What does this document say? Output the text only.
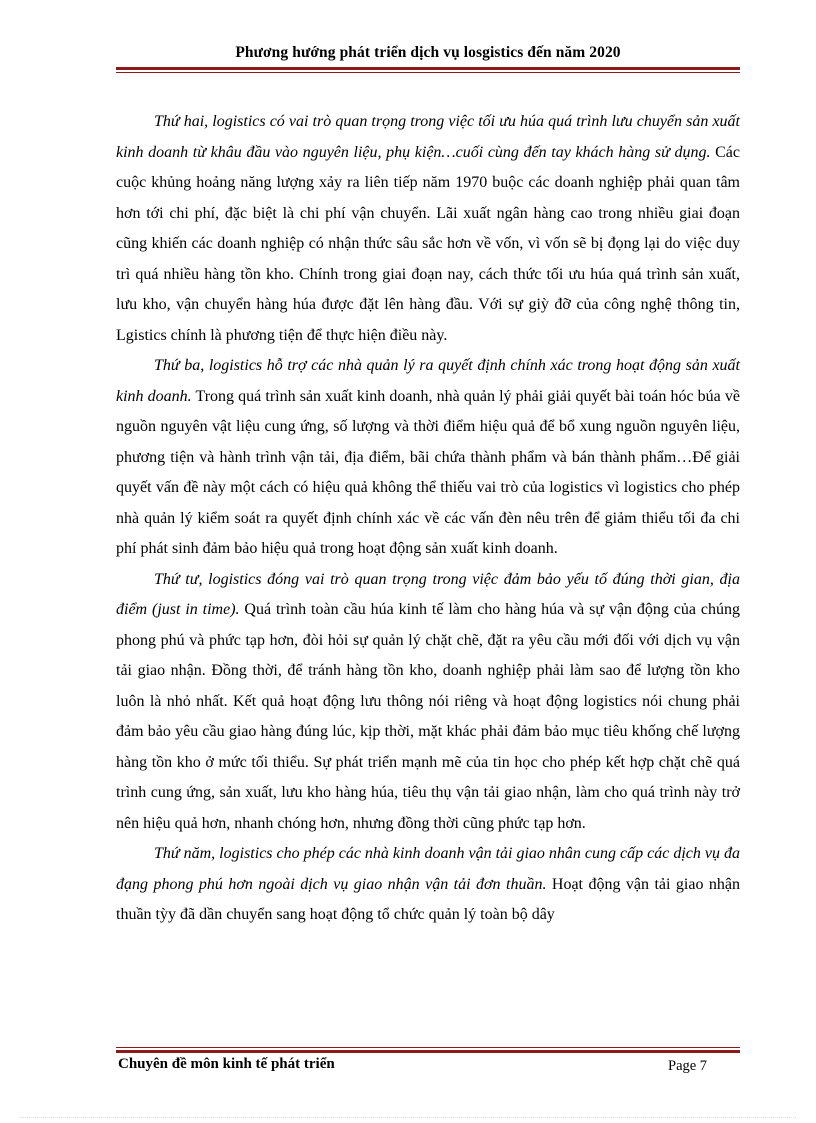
Phương hướng phát triển dịch vụ losgistics đến năm 2020

Thứ hai, logistics có vai trò quan trọng trong việc tối ưu húa quá trình lưu chuyển sản xuất kinh doanh từ khâu đầu vào nguyên liệu, phụ kiện…cuối cùng đến tay khách hàng sử dụng. Các cuộc khủng hoảng năng lượng xảy ra liên tiếp năm 1970 buộc các doanh nghiệp phải quan tâm hơn tới chi phí, đặc biệt là chi phí vận chuyển. Lãi xuất ngân hàng cao trong nhiều giai đoạn cũng khiến các doanh nghiệp có nhận thức sâu sắc hơn về vốn, vì vốn sẽ bị đọng lại do việc duy trì quá nhiều hàng tồn kho. Chính trong giai đoạn nay, cách thức tối ưu húa quá trình sản xuất, lưu kho, vận chuyển hàng húa được đặt lên hàng đầu. Với sự giỳ đỡ của công nghệ thông tin, Lgistics chính là phương tiện để thực hiện điều này.

Thứ ba, logistics hỗ trợ các nhà quản lý ra quyết định chính xác trong hoạt động sản xuất kinh doanh. Trong quá trình sản xuất kinh doanh, nhà quản lý phải giải quyết bài toán hóc búa về nguồn nguyên vật liệu cung ứng, số lượng và thời điểm hiệu quả để bổ xung nguồn nguyên liệu, phương tiện và hành trình vận tải, địa điểm, bãi chứa thành phẩm và bán thành phẩm…Để giải quyết vấn đề này một cách có hiệu quả không thể thiếu vai trò của logistics vì logistics cho phép nhà quản lý kiểm soát ra quyết định chính xác về các vấn đèn nêu trên để giảm thiểu tối đa chi phí phát sinh đảm bảo hiệu quả trong hoạt động sản xuất kinh doanh.

Thứ tư, logistics đóng vai trò quan trọng trong việc đảm bảo yếu tố đúng thời gian, địa điểm (just in time). Quá trình toàn cầu húa kinh tế làm cho hàng húa và sự vận động của chúng phong phú và phức tạp hơn, đòi hỏi sự quản lý chặt chẽ, đặt ra yêu cầu mới đối với dịch vụ vận tải giao nhận. Đồng thời, để tránh hàng tồn kho, doanh nghiệp phải làm sao để lượng tồn kho luôn là nhỏ nhất. Kết quả hoạt động lưu thông nói riêng và hoạt động logistics nói chung phải đảm bảo yêu cầu giao hàng đúng lúc, kịp thời, mặt khác phải đảm bảo mục tiêu khống chế lượng hàng tồn kho ở mức tối thiểu. Sự phát triển mạnh mẽ của tin học cho phép kết hợp chặt chẽ quá trình cung ứng, sản xuất, lưu kho hàng húa, tiêu thụ vận tải giao nhận, làm cho quá trình này trở nên hiệu quả hơn, nhanh chóng hơn, nhưng đồng thời cũng phức tạp hơn.

Thứ năm, logistics cho phép các nhà kinh doanh vận tải giao nhân cung cấp các dịch vụ đa đạng phong phú hơn ngoài dịch vụ giao nhận vận tải đơn thuần. Hoạt động vận tải giao nhận thuần tỳy đã dần chuyển sang hoạt động tổ chức quản lý toàn bộ dây

Chuyên đề môn kinh tế phát triển	Page 7
